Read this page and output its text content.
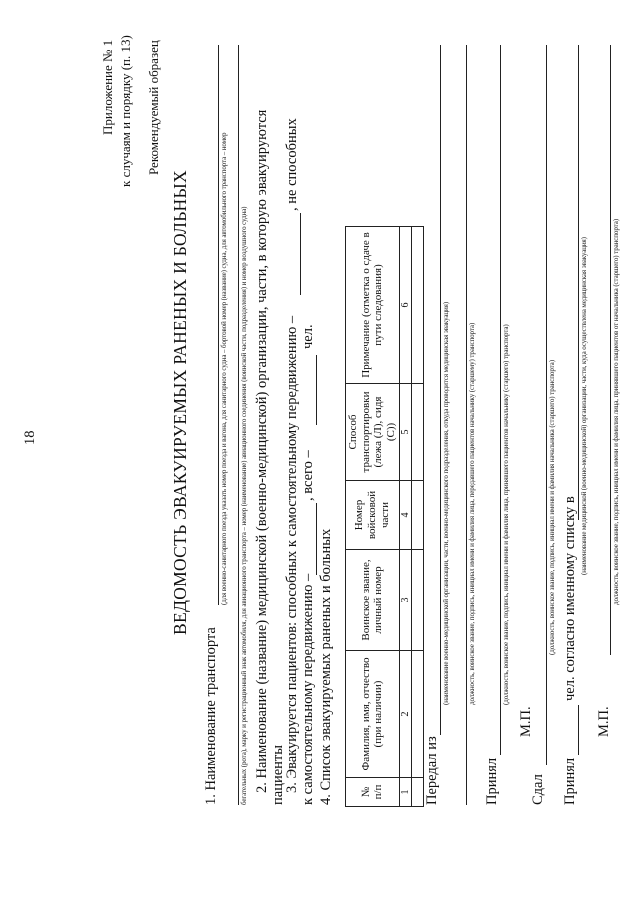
18
Приложение № 1 к случаям и порядку (п. 13) Рекомендуемый образец
ВЕДОМОСТЬ ЭВАКУИРУЕМЫХ РАНЕНЫХ И БОЛЬНЫХ
1. Наименование транспорта
(для военно-санитарного поезда указать номер поезда и вагона, для санитарного судна – бортовой номер (название) судна, для автомобильного транспорта – номер бегательных (рота), марку и регистрационный знак автомобиля, для авиационного транспорта – номер (наименование) авиационного соединения (воинской части, подразделения) и номер воздушного судна) 2. Наименование (название) медицинской (военно-медицинской) организации, части, в которую эвакуируются пациенты
3. Эвакуируется пациентов: способных к самостоятельному передвижению –
, не способных
к самостоятельному передвижению –
, всего –
чел.
4. Список эвакуируемых раненых и больных № п/п	Фамилия, имя, отчество (при наличии)	Воинское звание, личный номер	Номер войсковой части	Способ транспортировки (лежа (Л), сидя (С))	Примечание (отметка о сдаче в пути следования)
1	2	3	4	5	6

Передал из
(наименование военно-медицинской организации, части, военно-медицинского подразделения, откуда проводится медицинская эвакуация)	должность, воинское звание, подпись, инициал имени и фамилия лица, передавшего пациентов начальнику (старшему) транспорта)
Принял
(должность, воинское звание, подпись, инициал имени и фамилия лица, принявшего пациентов начальнику (старшего) транспорта)
М.П.
Сдал
(должность, воинское звание, подпись, инициал имени и фамилия начальника (старшего) транспорта)
Принял
чел. согласно именному списку в
(наименование медицинской (военно-медицинской) организации, части, куда осуществлена медицинская эвакуация)
М.П.
должность, воинское звание, подпись, инициал имени и фамилия лица, принявшего пациентов от начальника (старшего) транспорта)
